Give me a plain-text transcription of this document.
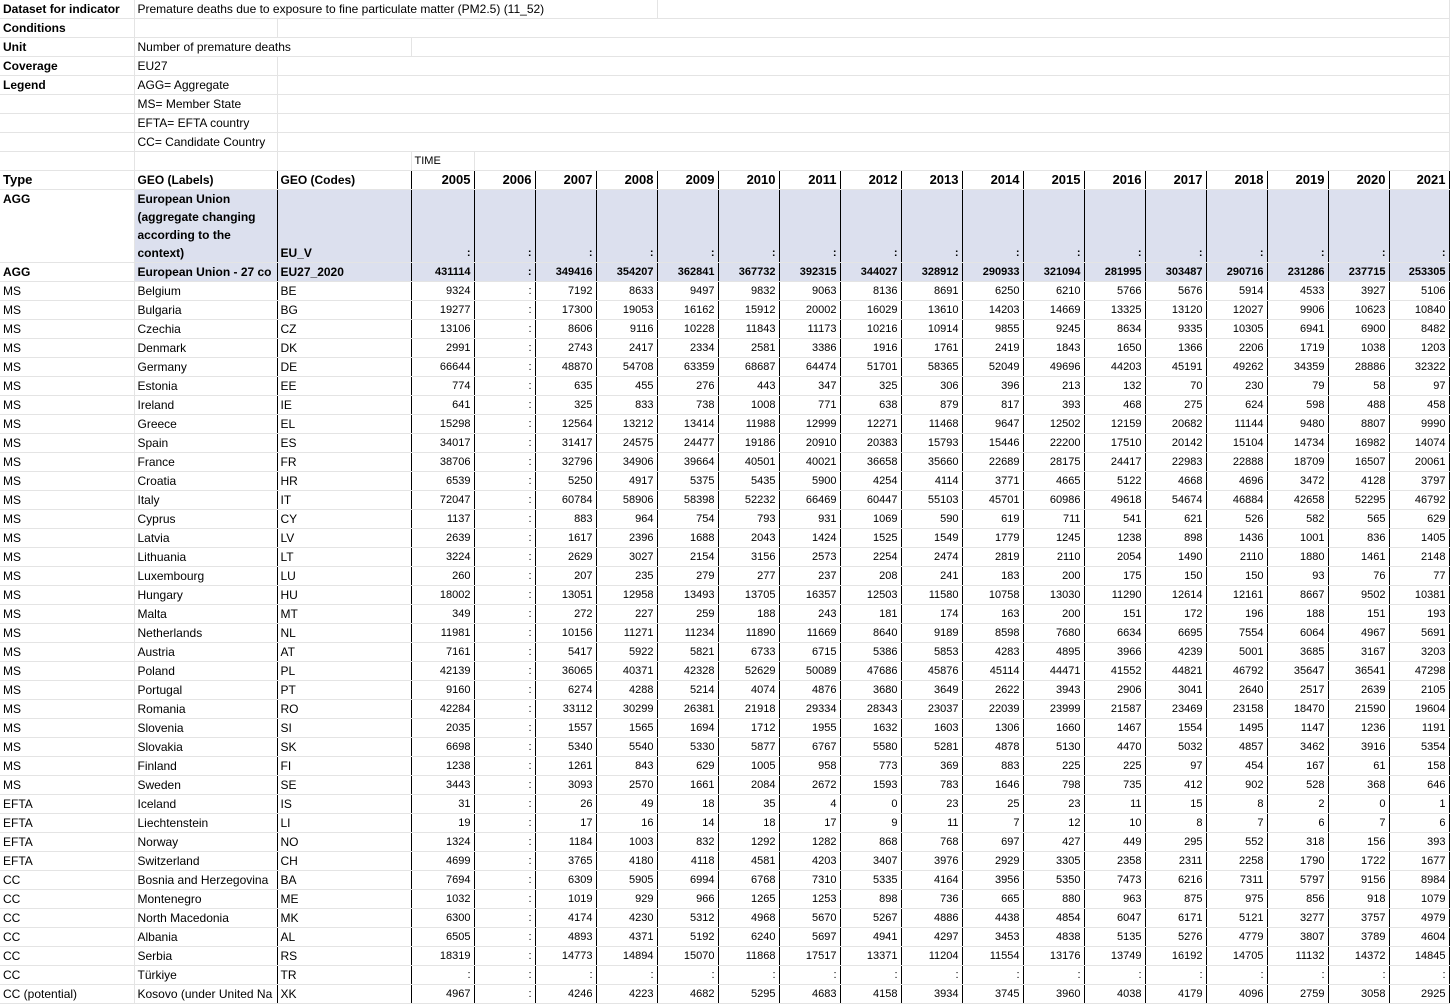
Dataset for indicator	Premature deaths due to exposure to fine particulate matter (PM2.5) (11_52)																		
Conditions																			
Unit	Number of premature deaths																		
Coverage	EU27																		
Legend	AGG= Aggregate																		
	MS= Member State																		
	EFTA= EFTA country																		
	CC= Candidate Country																		
			TIME																
Type	GEO (Labels)	GEO (Codes)	2005	2006	2007	2008	2009	2010	2011	2012	2013	2014	2015	2016	2017	2018	2019	2020	2021
AGG	European Union (aggregate changing according to the context)	EU_V	:	:	:	:	:	:	:	:	:	:	:	:	:	:	:	:	:
AGG	European Union - 27 co	EU27_2020	431114	:	349416	354207	362841	367732	392315	344027	328912	290933	321094	281995	303487	290716	231286	237715	253305
MS	Belgium	BE	9324	:	7192	8633	9497	9832	9063	8136	8691	6250	6210	5766	5676	5914	4533	3927	5106
MS	Bulgaria	BG	19277	:	17300	19053	16162	15912	20002	16029	13610	14203	14669	13325	13120	12027	9906	10623	10840
MS	Czechia	CZ	13106	:	8606	9116	10228	11843	11173	10216	10914	9855	9245	8634	9335	10305	6941	6900	8482
MS	Denmark	DK	2991	:	2743	2417	2334	2581	3386	1916	1761	2419	1843	1650	1366	2206	1719	1038	1203
MS	Germany	DE	66644	:	48870	54708	63359	68687	64474	51701	58365	52049	49696	44203	45191	49262	34359	28886	32322
MS	Estonia	EE	774	:	635	455	276	443	347	325	306	396	213	132	70	230	79	58	97
MS	Ireland	IE	641	:	325	833	738	1008	771	638	879	817	393	468	275	624	598	488	458
MS	Greece	EL	15298	:	12564	13212	13414	11988	12999	12271	11468	9647	12502	12159	20682	11144	9480	8807	9990
MS	Spain	ES	34017	:	31417	24575	24477	19186	20910	20383	15793	15446	22200	17510	20142	15104	14734	16982	14074
MS	France	FR	38706	:	32796	34906	39664	40501	40021	36658	35660	22689	28175	24417	22983	22888	18709	16507	20061
MS	Croatia	HR	6539	:	5250	4917	5375	5435	5900	4254	4114	3771	4665	5122	4668	4696	3472	4128	3797
MS	Italy	IT	72047	:	60784	58906	58398	52232	66469	60447	55103	45701	60986	49618	54674	46884	42658	52295	46792
MS	Cyprus	CY	1137	:	883	964	754	793	931	1069	590	619	711	541	621	526	582	565	629
MS	Latvia	LV	2639	:	1617	2396	1688	2043	1424	1525	1549	1779	1245	1238	898	1436	1001	836	1405
MS	Lithuania	LT	3224	:	2629	3027	2154	3156	2573	2254	2474	2819	2110	2054	1490	2110	1880	1461	2148
MS	Luxembourg	LU	260	:	207	235	279	277	237	208	241	183	200	175	150	150	93	76	77
MS	Hungary	HU	18002	:	13051	12958	13493	13705	16357	12503	11580	10758	13030	11290	12614	12161	8667	9502	10381
MS	Malta	MT	349	:	272	227	259	188	243	181	174	163	200	151	172	196	188	151	193
MS	Netherlands	NL	11981	:	10156	11271	11234	11890	11669	8640	9189	8598	7680	6634	6695	7554	6064	4967	5691
MS	Austria	AT	7161	:	5417	5922	5821	6733	6715	5386	5853	4283	4895	3966	4239	5001	3685	3167	3203
MS	Poland	PL	42139	:	36065	40371	42328	52629	50089	47686	45876	45114	44471	41552	44821	46792	35647	36541	47298
MS	Portugal	PT	9160	:	6274	4288	5214	4074	4876	3680	3649	2622	3943	2906	3041	2640	2517	2639	2105
MS	Romania	RO	42284	:	33112	30299	26381	21918	29334	28343	23037	22039	23999	21587	23469	23158	18470	21590	19604
MS	Slovenia	SI	2035	:	1557	1565	1694	1712	1955	1632	1603	1306	1660	1467	1554	1495	1147	1236	1191
MS	Slovakia	SK	6698	:	5340	5540	5330	5877	6767	5580	5281	4878	5130	4470	5032	4857	3462	3916	5354
MS	Finland	FI	1238	:	1261	843	629	1005	958	773	369	883	225	225	97	454	167	61	158
MS	Sweden	SE	3443	:	3093	2570	1661	2084	2672	1593	783	1646	798	735	412	902	528	368	646
EFTA	Iceland	IS	31	:	26	49	18	35	4	0	23	25	23	11	15	8	2	0	1
EFTA	Liechtenstein	LI	19	:	17	16	14	18	17	9	11	7	12	10	8	7	6	7	6
EFTA	Norway	NO	1324	:	1184	1003	832	1292	1282	868	768	697	427	449	295	552	318	156	393
EFTA	Switzerland	CH	4699	:	3765	4180	4118	4581	4203	3407	3976	2929	3305	2358	2311	2258	1790	1722	1677
CC	Bosnia and Herzegovina	BA	7694	:	6309	5905	6994	6768	7310	5335	4164	3956	5350	7473	6216	7311	5797	9156	8984
CC	Montenegro	ME	1032	:	1019	929	966	1265	1253	898	736	665	880	963	875	975	856	918	1079
CC	North Macedonia	MK	6300	:	4174	4230	5312	4968	5670	5267	4886	4438	4854	6047	6171	5121	3277	3757	4979
CC	Albania	AL	6505	:	4893	4371	5192	6240	5697	4941	4297	3453	4838	5135	5276	4779	3807	3789	4604
CC	Serbia	RS	18319	:	14773	14894	15070	11868	17517	13371	11204	11554	13176	13749	16192	14705	11132	14372	14845
CC	Türkiye	TR	:	:	:	:	:	:	:	:	:	:	:	:	:	:	:	:	:
CC (potential)	Kosovo (under United Na	XK	4967	:	4246	4223	4682	5295	4683	4158	3934	3745	3960	4038	4179	4096	2759	3058	2925
